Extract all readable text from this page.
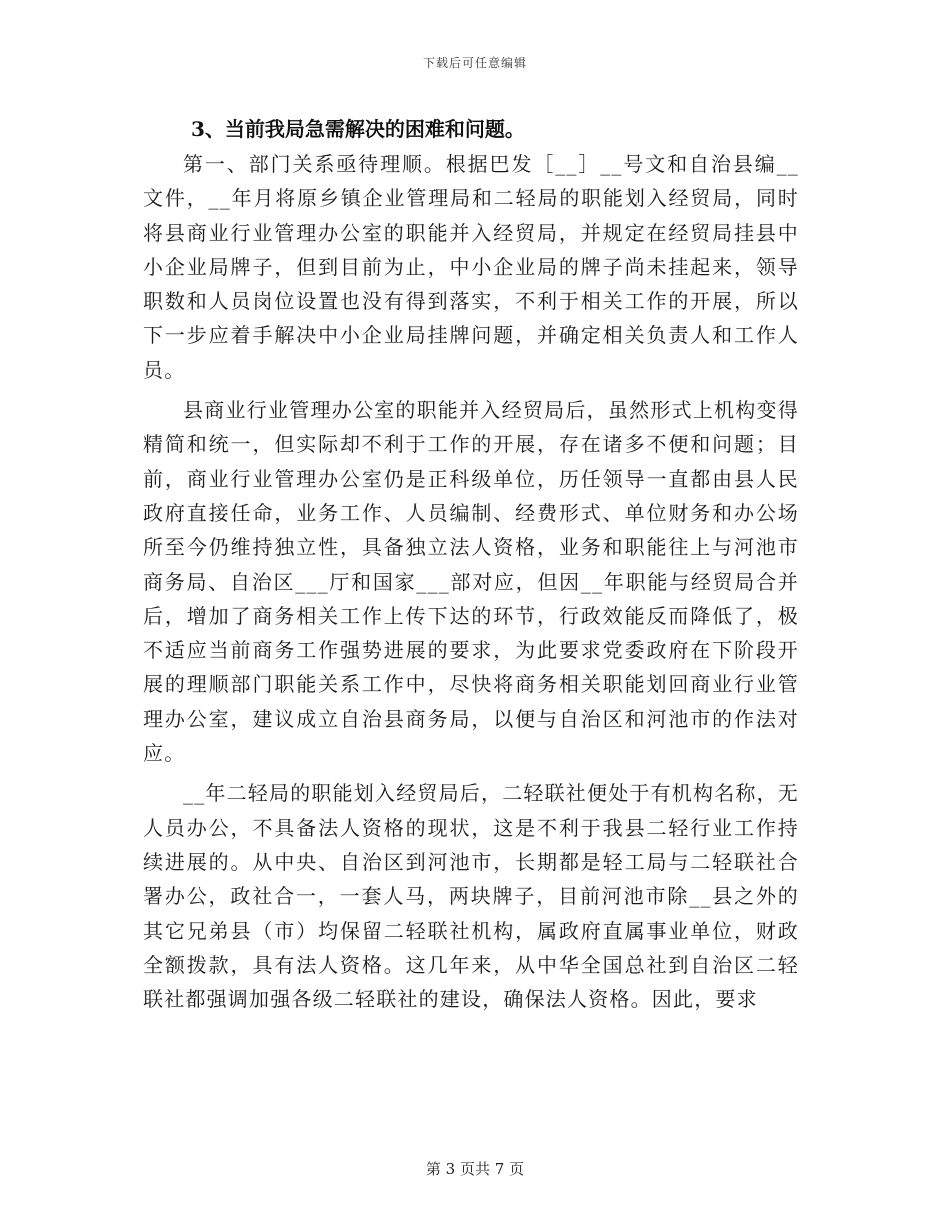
下载后可任意编辑

3、当前我局急需解决的困难和问题。

第一、部门关系亟待理顺。根据巴发［__］__号文和自治县编__文件，__年月将原乡镇企业管理局和二轻局的职能划入经贸局，同时将县商业行业管理办公室的职能并入经贸局，并规定在经贸局挂县中小企业局牌子，但到目前为止，中小企业局的牌子尚未挂起来，领导职数和人员岗位设置也没有得到落实，不利于相关工作的开展，所以下一步应着手解决中小企业局挂牌问题，并确定相关负责人和工作人员。

县商业行业管理办公室的职能并入经贸局后，虽然形式上机构变得精简和统一，但实际却不利于工作的开展，存在诸多不便和问题；目前，商业行业管理办公室仍是正科级单位，历任领导一直都由县人民政府直接任命，业务工作、人员编制、经费形式、单位财务和办公场所至今仍维持独立性，具备独立法人资格，业务和职能往上与河池市商务局、自治区___厅和国家___部对应，但因__年职能与经贸局合并后，增加了商务相关工作上传下达的环节，行政效能反而降低了，极不适应当前商务工作强势进展的要求，为此要求党委政府在下阶段开展的理顺部门职能关系工作中，尽快将商务相关职能划回商业行业管理办公室，建议成立自治县商务局，以便与自治区和河池市的作法对应。

__年二轻局的职能划入经贸局后，二轻联社便处于有机构名称，无人员办公，不具备法人资格的现状，这是不利于我县二轻行业工作持续进展的。从中央、自治区到河池市，长期都是轻工局与二轻联社合署办公，政社合一，一套人马，两块牌子，目前河池市除__县之外的其它兄弟县（市）均保留二轻联社机构，属政府直属事业单位，财政全额拨款，具有法人资格。这几年来，从中华全国总社到自治区二轻联社都强调加强各级二轻联社的建设，确保法人资格。因此，要求

第 3 页共 7 页
